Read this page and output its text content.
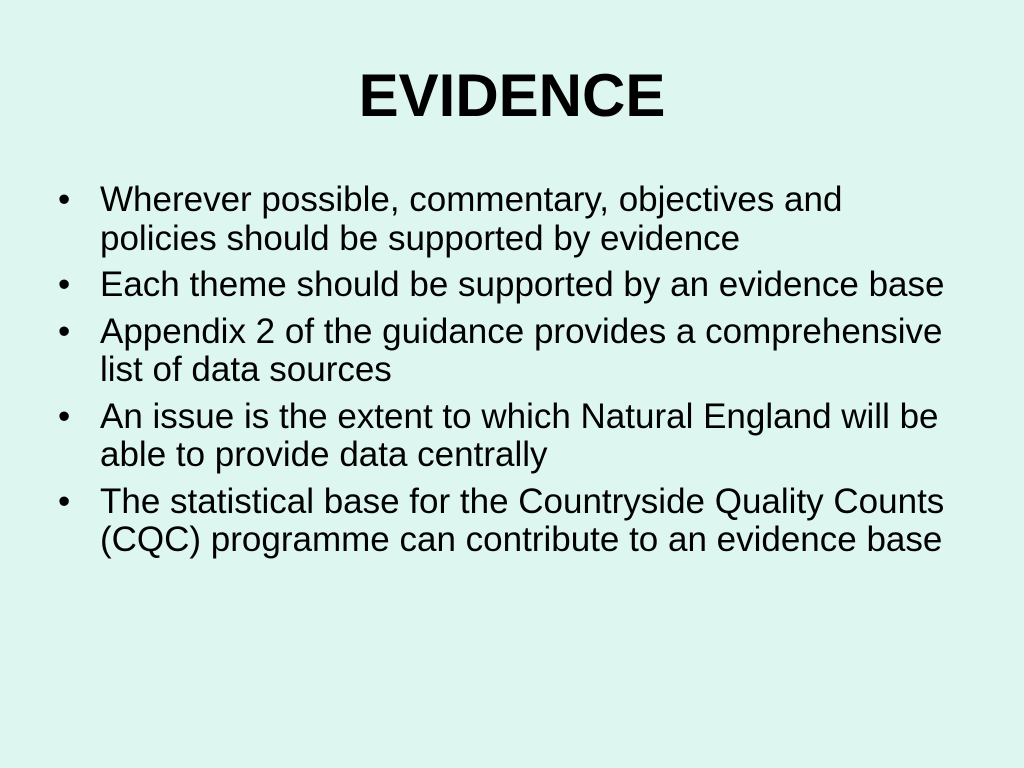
EVIDENCE
• Wherever possible, commentary, objectives and policies should be supported by evidence
• Each theme should be supported by an evidence base
• Appendix 2 of the guidance provides a comprehensive list of data sources
• An issue is the extent to which Natural England will be able to provide data centrally
• The statistical base for the Countryside Quality Counts (CQC) programme can contribute to an evidence base
